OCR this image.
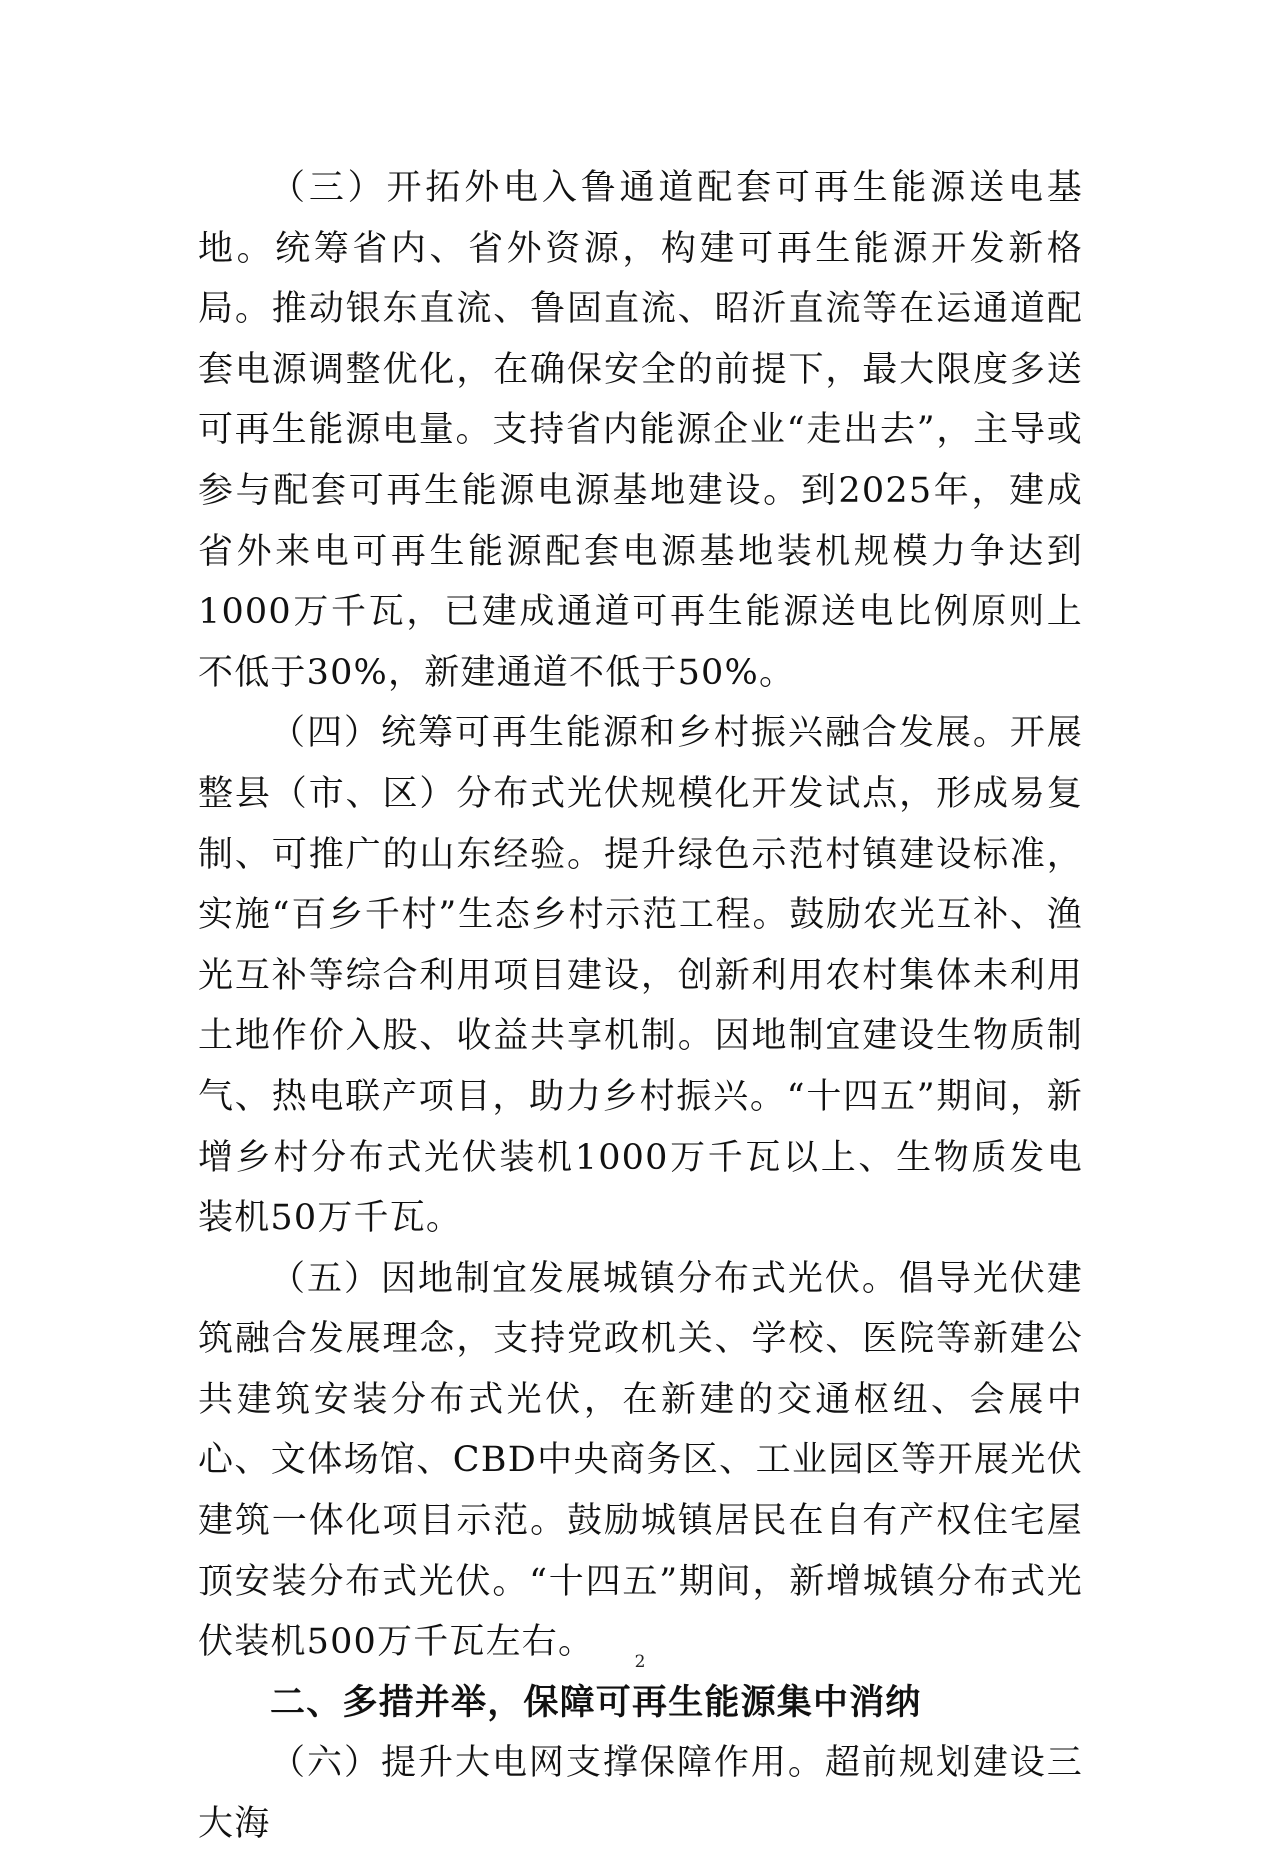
（三）开拓外电入鲁通道配套可再生能源送电基地。统筹省内、省外资源，构建可再生能源开发新格局。推动银东直流、鲁固直流、昭沂直流等在运通道配套电源调整优化，在确保安全的前提下，最大限度多送可再生能源电量。支持省内能源企业“走出去”，主导或参与配套可再生能源电源基地建设。到2025年，建成省外来电可再生能源配套电源基地装机规模力争达到1000万千瓦，已建成通道可再生能源送电比例原则上不低于30%，新建通道不低于50%。

（四）统筹可再生能源和乡村振兴融合发展。开展整县（市、区）分布式光伏规模化开发试点，形成易复制、可推广的山东经验。提升绿色示范村镇建设标准，实施“百乡千村”生态乡村示范工程。鼓励农光互补、渔光互补等综合利用项目建设，创新利用农村集体未利用土地作价入股、收益共享机制。因地制宜建设生物质制气、热电联产项目，助力乡村振兴。“十四五”期间，新增乡村分布式光伏装机1000万千瓦以上、生物质发电装机50万千瓦。

（五）因地制宜发展城镇分布式光伏。倡导光伏建筑融合发展理念，支持党政机关、学校、医院等新建公共建筑安装分布式光伏，在新建的交通枢纽、会展中心、文体场馆、CBD中央商务区、工业园区等开展光伏建筑一体化项目示范。鼓励城镇居民在自有产权住宅屋顶安装分布式光伏。“十四五”期间，新增城镇分布式光伏装机500万千瓦左右。

二、多措并举，保障可再生能源集中消纳

（六）提升大电网支撑保障作用。超前规划建设三大海

2
